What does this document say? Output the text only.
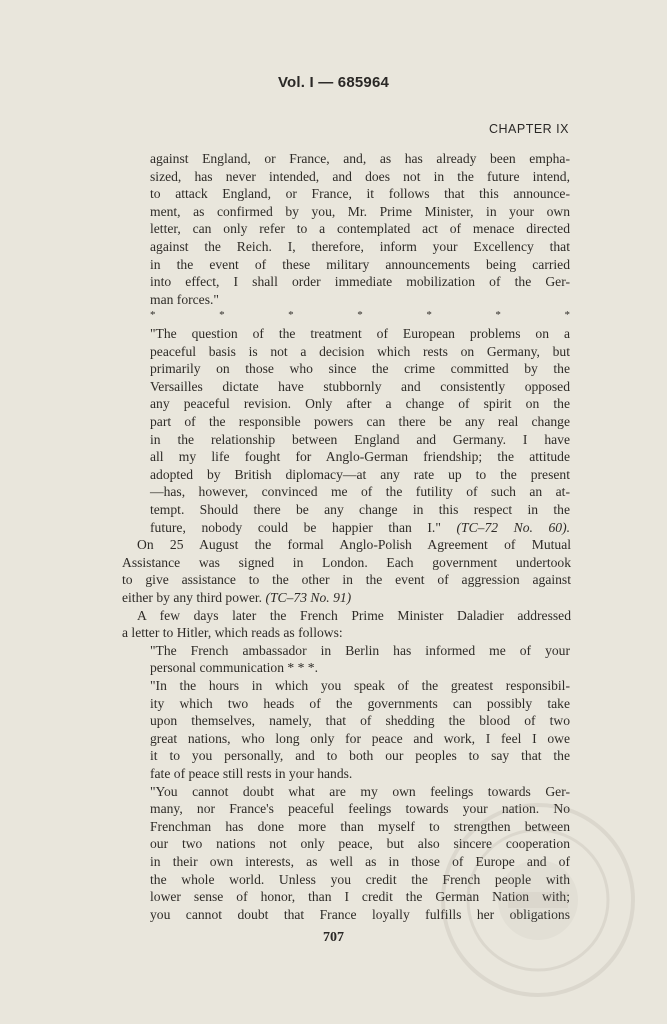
Vol. I — 685964
CHAPTER IX
against England, or France, and, as has already been empha-
sized, has never intended, and does not in the future intend,
to attack England, or France, it follows that this announce-
ment, as confirmed by you, Mr. Prime Minister, in your own
letter, can only refer to a contemplated act of menace directed
against the Reich. I, therefore, inform your Excellency that
in the event of these military announcements being carried
into effect, I shall order immediate mobilization of the Ger-
man forces."
*	*	*	*	*	*	*
"The question of the treatment of European problems on a
peaceful basis is not a decision which rests on Germany, but
primarily on those who since the crime committed by the
Versailles dictate have stubbornly and consistently opposed
any peaceful revision. Only after a change of spirit on the
part of the responsible powers can there be any real change
in the relationship between England and Germany. I have
all my life fought for Anglo-German friendship; the attitude
adopted by British diplomacy—at any rate up to the present
—has, however, convinced me of the futility of such an at-
tempt. Should there be any change in this respect in the
future, nobody could be happier than I." (TC–72 No. 60).
On 25 August the formal Anglo-Polish Agreement of Mutual
Assistance was signed in London. Each government undertook
to give assistance to the other in the event of aggression against
either by any third power. (TC–73 No. 91)
A few days later the French Prime Minister Daladier addressed
a letter to Hitler, which reads as follows:
"The French ambassador in Berlin has informed me of your
personal communication * * *.
"In the hours in which you speak of the greatest responsibil-
ity which two heads of the governments can possibly take
upon themselves, namely, that of shedding the blood of two
great nations, who long only for peace and work, I feel I owe
it to you personally, and to both our peoples to say that the
fate of peace still rests in your hands.
"You cannot doubt what are my own feelings towards Ger-
many, nor France's peaceful feelings towards your nation. No
Frenchman has done more than myself to strengthen between
our two nations not only peace, but also sincere cooperation
in their own interests, as well as in those of Europe and of
the whole world. Unless you credit the French people with
lower sense of honor, than I credit the German Nation with;
you cannot doubt that France loyally fulfills her obligations
707
